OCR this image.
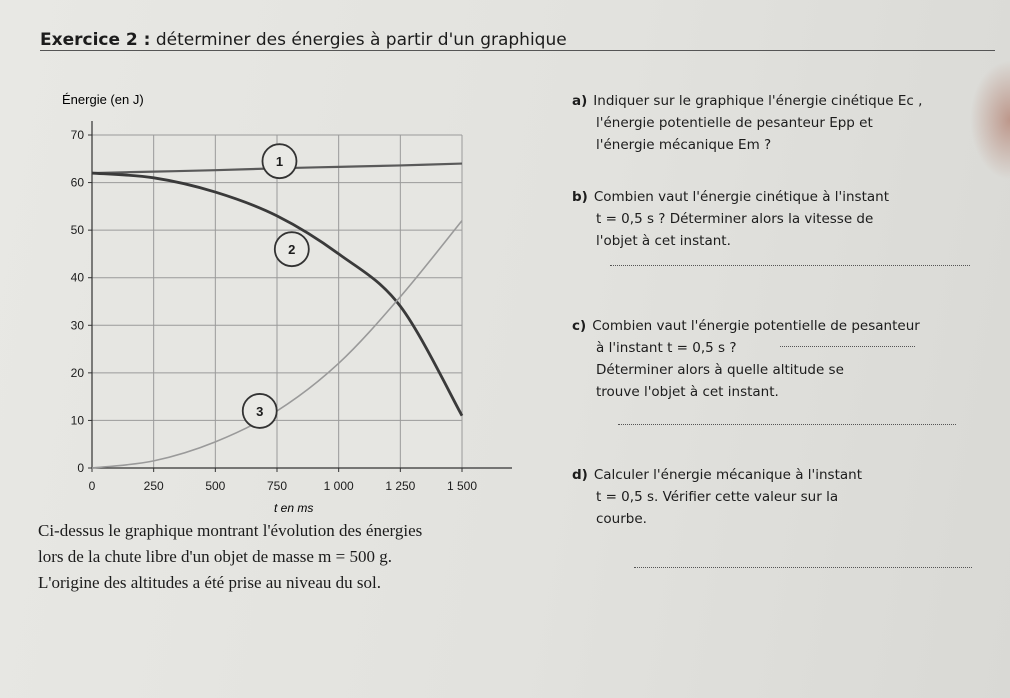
Exercice 2 : déterminer des énergies à partir d'un graphique
0	250	500	750	1 000	1 250	1 500
0
10
20
30
40
50
60
70
1
2
3
Énergie (en J)
t en ms

Ci-dessus le graphique montrant l'évolution des énergies

lors de la chute libre d'un objet de masse m = 500 g.

L'origine des altitudes a été prise au niveau du sol.

a) Indiquer sur le graphique l'énergie cinétique Ec ,
l'énergie potentielle de pesanteur Epp et
l'énergie mécanique Em ?
b) Combien vaut l'énergie cinétique à l'instant
t = 0,5 s ? Déterminer alors la vitesse de
l'objet à cet instant.
c) Combien vaut l'énergie potentielle de pesanteur
à l'instant t = 0,5 s ?
Déterminer alors à quelle altitude se
trouve l'objet à cet instant.
d) Calculer l'énergie mécanique à l'instant
t = 0,5 s. Vérifier cette valeur sur la
courbe.
